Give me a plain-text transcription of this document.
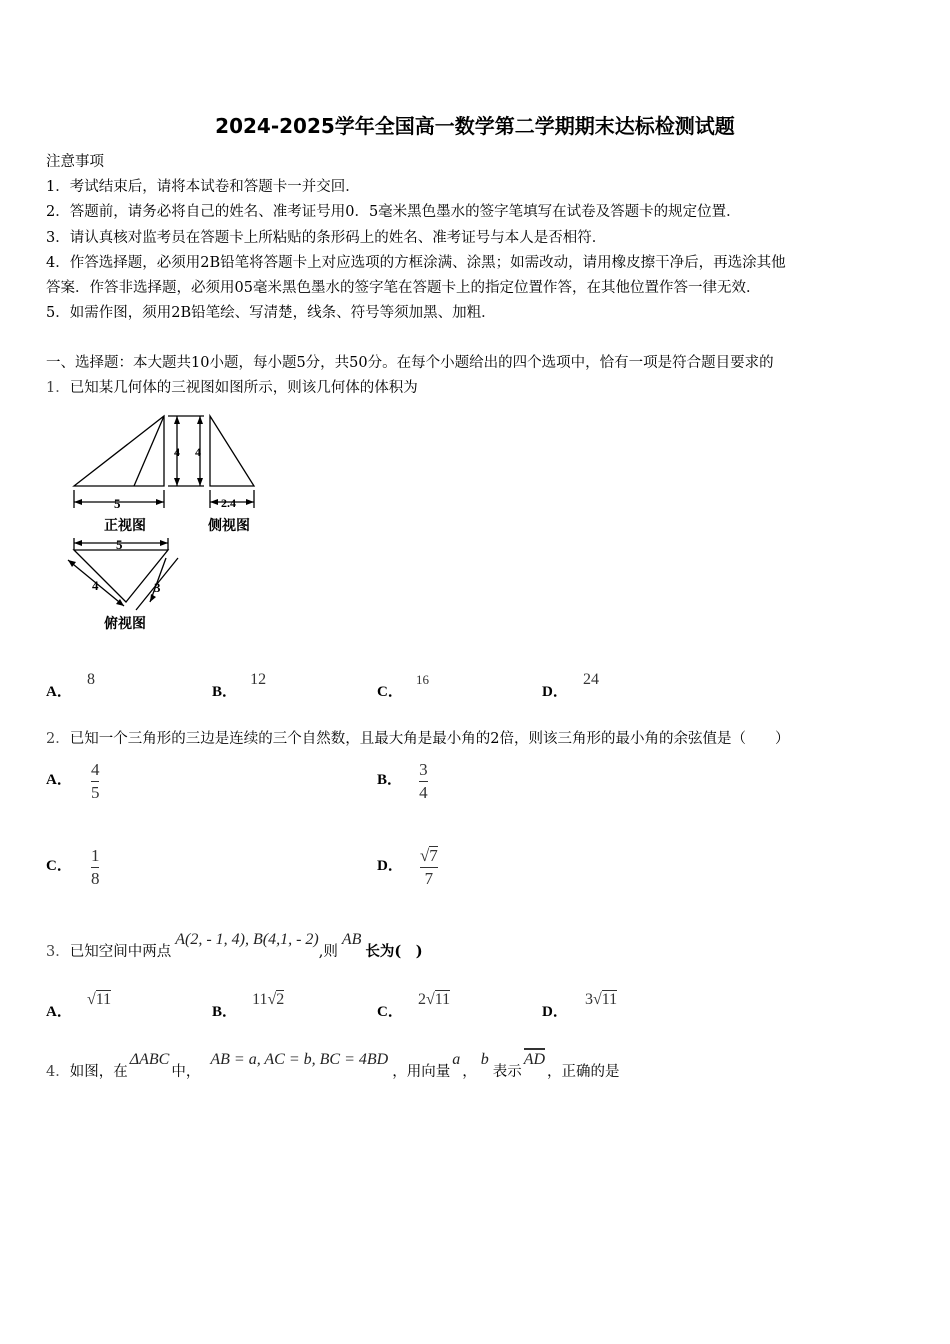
2024-2025学年全国高一数学第二学期期末达标检测试题
注意事项
1．考试结束后，请将本试卷和答题卡一并交回．
2．答题前，请务必将自己的姓名、准考证号用0．5毫米黑色墨水的签字笔填写在试卷及答题卡的规定位置．
3．请认真核对监考员在答题卡上所粘贴的条形码上的姓名、准考证号与本人是否相符．
4．作答选择题，必须用2B铅笔将答题卡上对应选项的方框涂满、涂黑；如需改动，请用橡皮擦干净后，再选涂其他
答案．作答非选择题，必须用05毫米黑色墨水的签字笔在答题卡上的指定位置作答，在其他位置作答一律无效．
5．如需作图，须用2B铅笔绘、写清楚，线条、符号等须加黑、加粗．
一、选择题：本大题共10小题，每小题5分，共50分。在每个小题给出的四个选项中，恰有一项是符合题目要求的
1．已知某几何体的三视图如图所示，则该几何体的体积为
4 4
5	2.4
5
4	3
正视图	侧视图
俯视图
A． 8
B． 12
C． 16
D． 24
2．已知一个三角形的三边是连续的三个自然数，且最大角是最小角的2倍，则该三角形的最小角的余弦值是（　　）
A． $\frac{4}{5}$	B． $\frac{3}{4}$
C． $\frac{1}{8}$	D． $\frac{√7}{7}$
3．已知空间中两点A(2, - 1, 4), B(4,1, - 2),则AB长为(　)
A． √11
B． 11√2
C． 2√11
D． 3√11
4．如图，在ΔABC中，AB = a, AC = b, BC = 4BD，用向量a，b表示AD，正确的是
